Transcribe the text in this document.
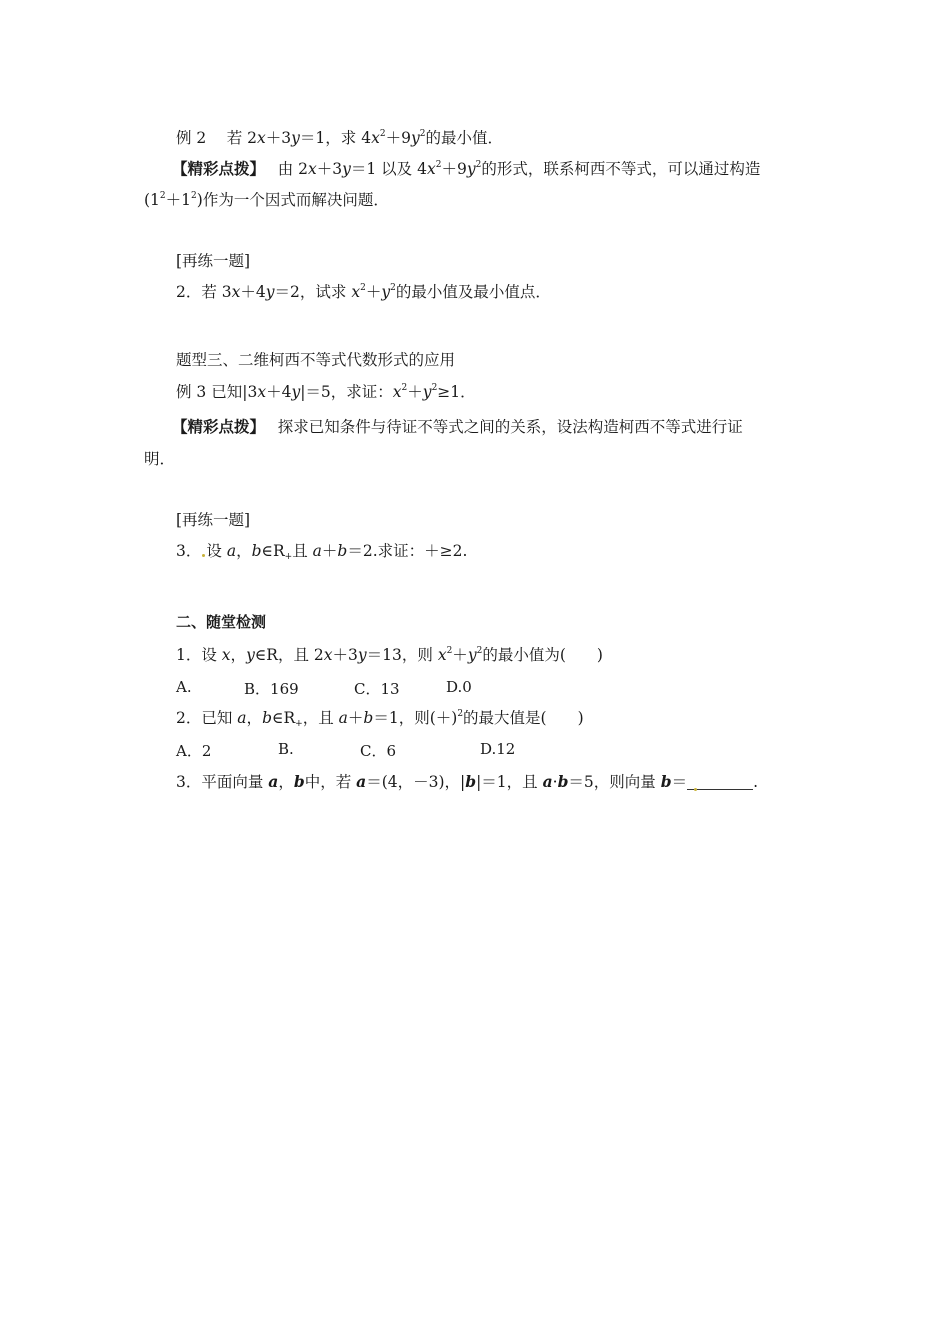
例 2　 若 2x＋3y＝1，求 $4x^2+9y^2$的最小值．
【精彩点拨】　 由 2x＋3y＝1 以及 $4x^2+9y^2$的形式，联系柯西不等式，可以通过构造
$(1^2+1^2)$作为一个因式而解决问题．
[再练一题]
2．若 3x＋4y＝2，试求 $x^2+y^2$的最小值及最小值点．
题型三、二维柯西不等式代数形式的应用
例 3 已知|3x＋4y|＝5，求证：$x^2+y^2\ge 1$．
【精彩点拨】　 探求已知条件与待证不等式之间的关系，设法构造柯西不等式进行证
明．
[再练一题]
3． 设 a，$b\in R_+$且 a＋b＝2.求证：＋≥2.
二、随堂检测
1．设 x，y∈R，且 2x＋3y＝13，则 $x^2+y^2$的最小值为(　　)
A.	B．169	C．13	D.0
2．已知 a，$b\in R_+$，且 a＋b＝1，则$(+)^2$的最大值是(　　)
A．2	B.	C．6	D.12
3．平面向量 a，b中，若 a＝(4，－3)，|b|＝1，且 a·b＝5，则向量 b＝	.
